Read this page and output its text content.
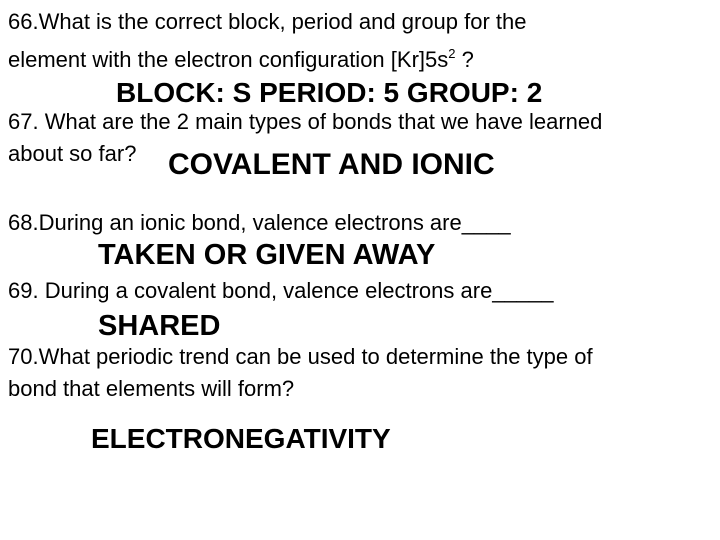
66.What is the correct block, period and group for the
element with the electron configuration $[Kr]5s^2$ ?
BLOCK: S PERIOD: 5 GROUP: 2
67. What are the 2 main types of bonds that we have learned
about so far? COVALENT AND IONIC
68.During an ionic bond, valence electrons are____
TAKEN OR GIVEN AWAY
69. During a covalent bond, valence electrons are_____
SHARED
70.What periodic trend can be used to determine the type of
bond that elements will form?
ELECTRONEGATIVITY
